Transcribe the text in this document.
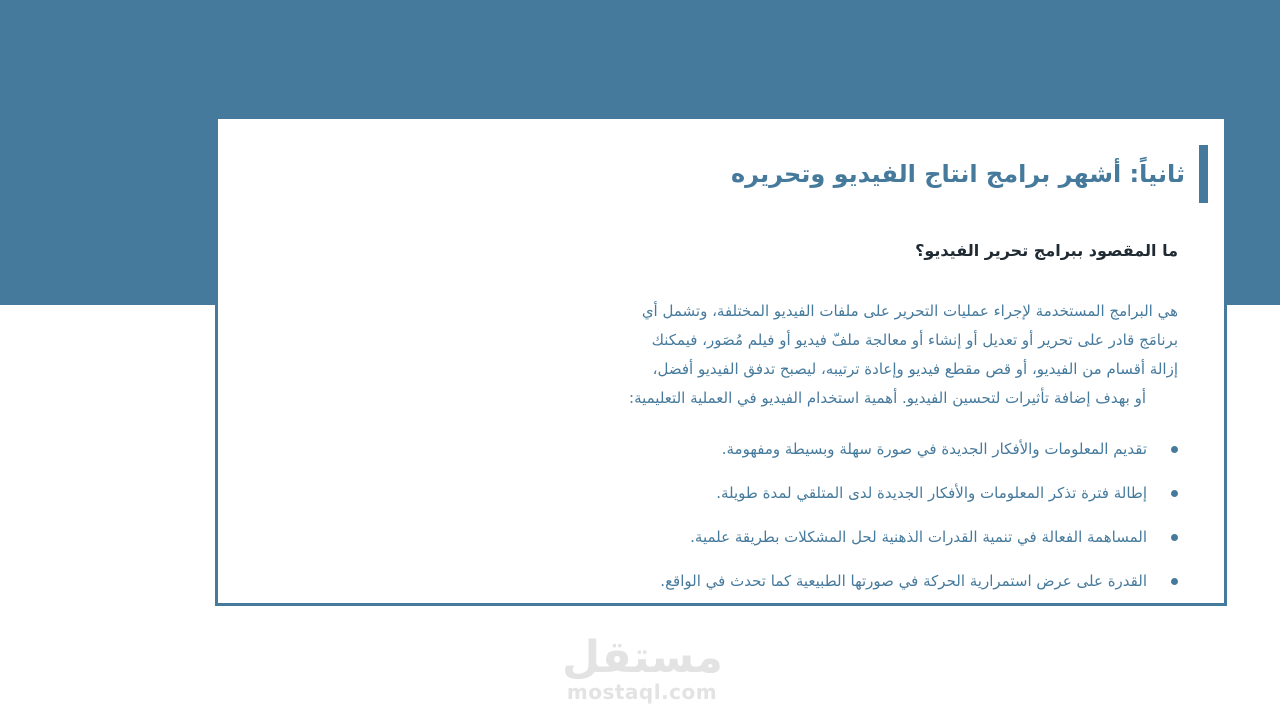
ثانياً: أشهر برامج انتاج الفيديو وتحريره
ما المقصود ببرامج تحرير الفيديو؟
هي البرامج المستخدمة لإجراء عمليات التحرير على ملفات الفيديو المختلفة، وتشمل أي
برنامَج قادر على تحرير أو تعديل أو إنشاء أو معالجة ملفّ فيديو أو فيلم مُصَور، فيمكنك
إزالة أقسام من الفيديو، أو قص مقطع فيديو وإعادة ترتيبه، ليصبح تدفق الفيديو أفضل،
أو بهدف إضافة تأثيرات لتحسين الفيديو. أهمية استخدام الفيديو في العملية التعليمية:
تقديم المعلومات والأفكار الجديدة في صورة سهلة وبسيطة ومفهومة.
إطالة فترة تذكر المعلومات والأفكار الجديدة لدى المتلقي لمدة طويلة.
المساهمة الفعالة في تنمية القدرات الذهنية لحل المشكلات بطريقة علمية.
القدرة على عرض استمرارية الحركة في صورتها الطبيعية كما تحدث في الواقع.
مستقل
mostaql.com
